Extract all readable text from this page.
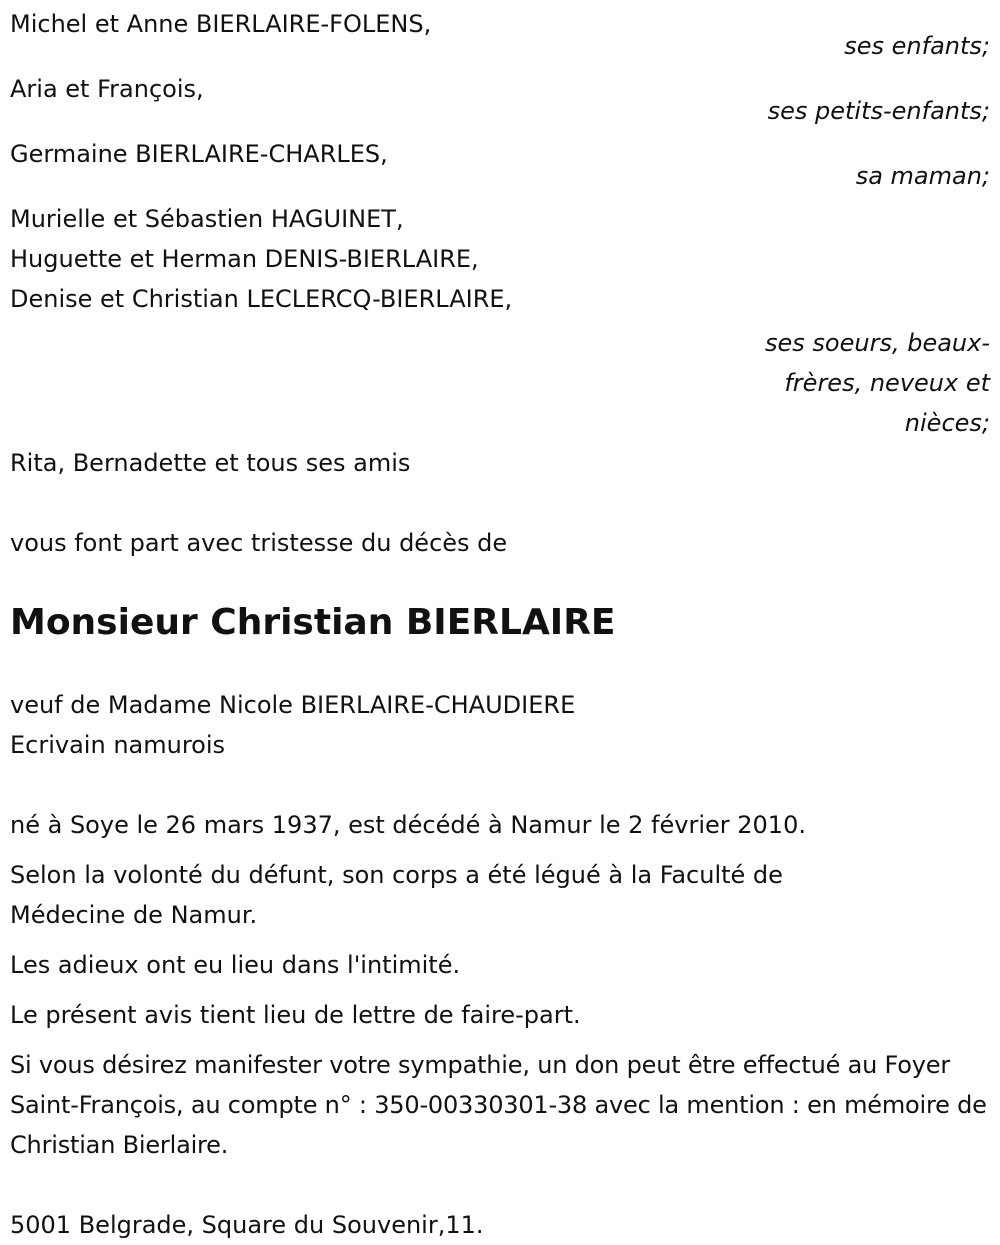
Michel et Anne BIERLAIRE-FOLENS,
ses enfants;
Aria et François,
ses petits-enfants;
Germaine BIERLAIRE-CHARLES,
sa maman;
Murielle et Sébastien HAGUINET,
Huguette et Herman DENIS-BIERLAIRE,
Denise et Christian LECLERCQ-BIERLAIRE,
ses soeurs, beaux-frères, neveux et nièces;
Rita, Bernadette et tous ses amis
vous font part avec tristesse du décès de
Monsieur Christian BIERLAIRE
veuf de Madame Nicole BIERLAIRE-CHAUDIERE
Ecrivain namurois
né à Soye le 26 mars 1937, est décédé à Namur le 2 février 2010.
Selon la volonté du défunt, son corps a été légué à la Faculté de Médecine de Namur.
Les adieux ont eu lieu dans l'intimité.
Le présent avis tient lieu de lettre de faire-part.
Si vous désirez manifester votre sympathie, un don peut être effectué au Foyer Saint-François, au compte n° : 350-00330301-38 avec la mention : en mémoire de Christian Bierlaire.
5001 Belgrade, Square du Souvenir,11.
